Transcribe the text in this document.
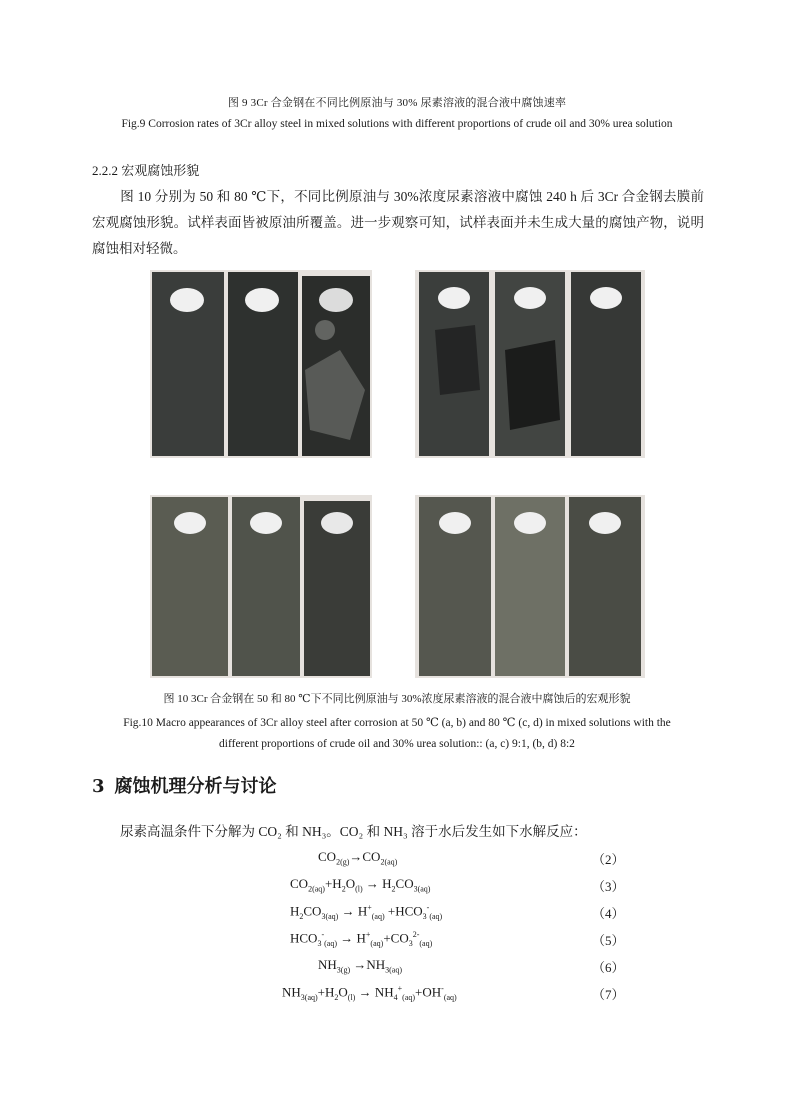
图 9 3Cr 合金钢在不同比例原油与 30% 尿素溶液的混合液中腐蚀速率
Fig.9 Corrosion rates of 3Cr alloy steel in mixed solutions with different proportions of crude oil and 30% urea solution
2.2.2 宏观腐蚀形貌
图 10 分别为 50 和 80 ℃下，不同比例原油与 30%浓度尿素溶液中腐蚀 240 h 后 3Cr 合金钢去膜前宏观腐蚀形貌。试样表面皆被原油所覆盖。进一步观察可知，试样表面并未生成大量的腐蚀产物，说明腐蚀相对轻微。
图 10 3Cr 合金钢在 50 和 80 ℃下不同比例原油与 30%浓度尿素溶液的混合液中腐蚀后的宏观形貌
Fig.10 Macro appearances of 3Cr alloy steel after corrosion at 50 ℃ (a, b) and 80 ℃ (c, d) in mixed solutions with the
different proportions of crude oil and 30% urea solution:: (a, c) 9:1, (b, d) 8:2
3 腐蚀机理分析与讨论
尿素高温条件下分解为 CO₂ 和 NH₃。CO₂ 和 NH₃ 溶于水后发生如下水解反应：
$CO_{2(g)}\to CO_{2(aq)}$	（2）
$CO_{2(aq)}+H_2O_{(l)} \to H_2CO_{3(aq)}$	（3）
$H_2CO_{3(aq)} \to H^+_{(aq)} +HCO_3^-_{(aq)}$	（4）
$HCO_3^-_{(aq)} \to H^+_{(aq)}+CO_3^{2-}_{(aq)}$	（5）
$NH_{3(g)} \to NH_{3(aq)}$	（6）
$NH_{3(aq)}+H_2O_{(l)} \to NH_4^+_{(aq)}+OH^-_{(aq)}$	（7）
